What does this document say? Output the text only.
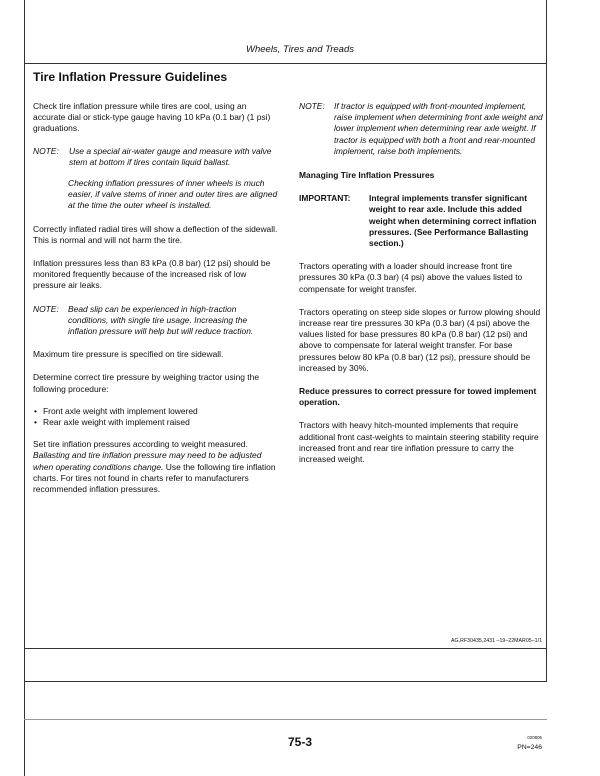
Wheels, Tires and Treads
Tire Inflation Pressure Guidelines

Check tire inflation pressure while tires are cool, using an accurate dial or stick-type gauge having 10 kPa (0.1 bar) (1 psi) graduations.

NOTE:	Use a special air-water gauge and measure with valve stem at bottom if tires contain liquid ballast.
Checking inflation pressures of inner wheels is much easier, if valve stems of inner and outer tires are aligned at the time the outer wheel is installed.

Correctly inflated radial tires will show a deflection of the sidewall. This is normal and will not harm the tire.

Inflation pressures less than 83 kPa (0.8 bar) (12 psi) should be monitored frequently because of the increased risk of low pressure air leaks.

NOTE:	Bead slip can be experienced in high-traction conditions, with single tire usage. Increasing the inflation pressure will help but will reduce traction.

Maximum tire pressure is specified on tire sidewall.

Determine correct tire pressure by weighing tractor using the following procedure:

• Front axle weight with implement lowered
• Rear axle weight with implement raised

Set tire inflation pressures according to weight measured. Ballasting and tire inflation pressure may need to be adjusted when operating conditions change. Use the following tire inflation charts. For tires not found in charts refer to manufacturers recommended inflation pressures.

NOTE:	If tractor is equipped with front-mounted implement, raise implement when determining front axle weight and lower implement when determining rear axle weight. If tractor is equipped with both a front and rear-mounted implement, raise both implements.

Managing Tire Inflation Pressures

IMPORTANT:	Integral implements transfer significant weight to rear axle. Include this added weight when determining correct inflation pressures. (See Performance Ballasting section.)

Tractors operating with a loader should increase front tire pressures 30 kPa (0.3 bar) (4 psi) above the values listed to compensate for weight transfer.

Tractors operating on steep side slopes or furrow plowing should increase rear tire pressures 30 kPa (0.3 bar) (4 psi) above the values listed for base pressures 80 kPa (0.8 bar) (12 psi) and above to compensate for lateral weight transfer. For base pressures below 80 kPa (0.8 bar) (12 psi), pressure should be increased by 30%.

Reduce pressures to correct pressure for towed implement operation.

Tractors with heavy hitch-mounted implements that require additional front cast-weights to maintain steering stability require increased front and rear tire inflation pressure to carry the increased weight.

AG,RF30435,2431 –19–22MAR05–1/1
75-3	020806
PN=246
